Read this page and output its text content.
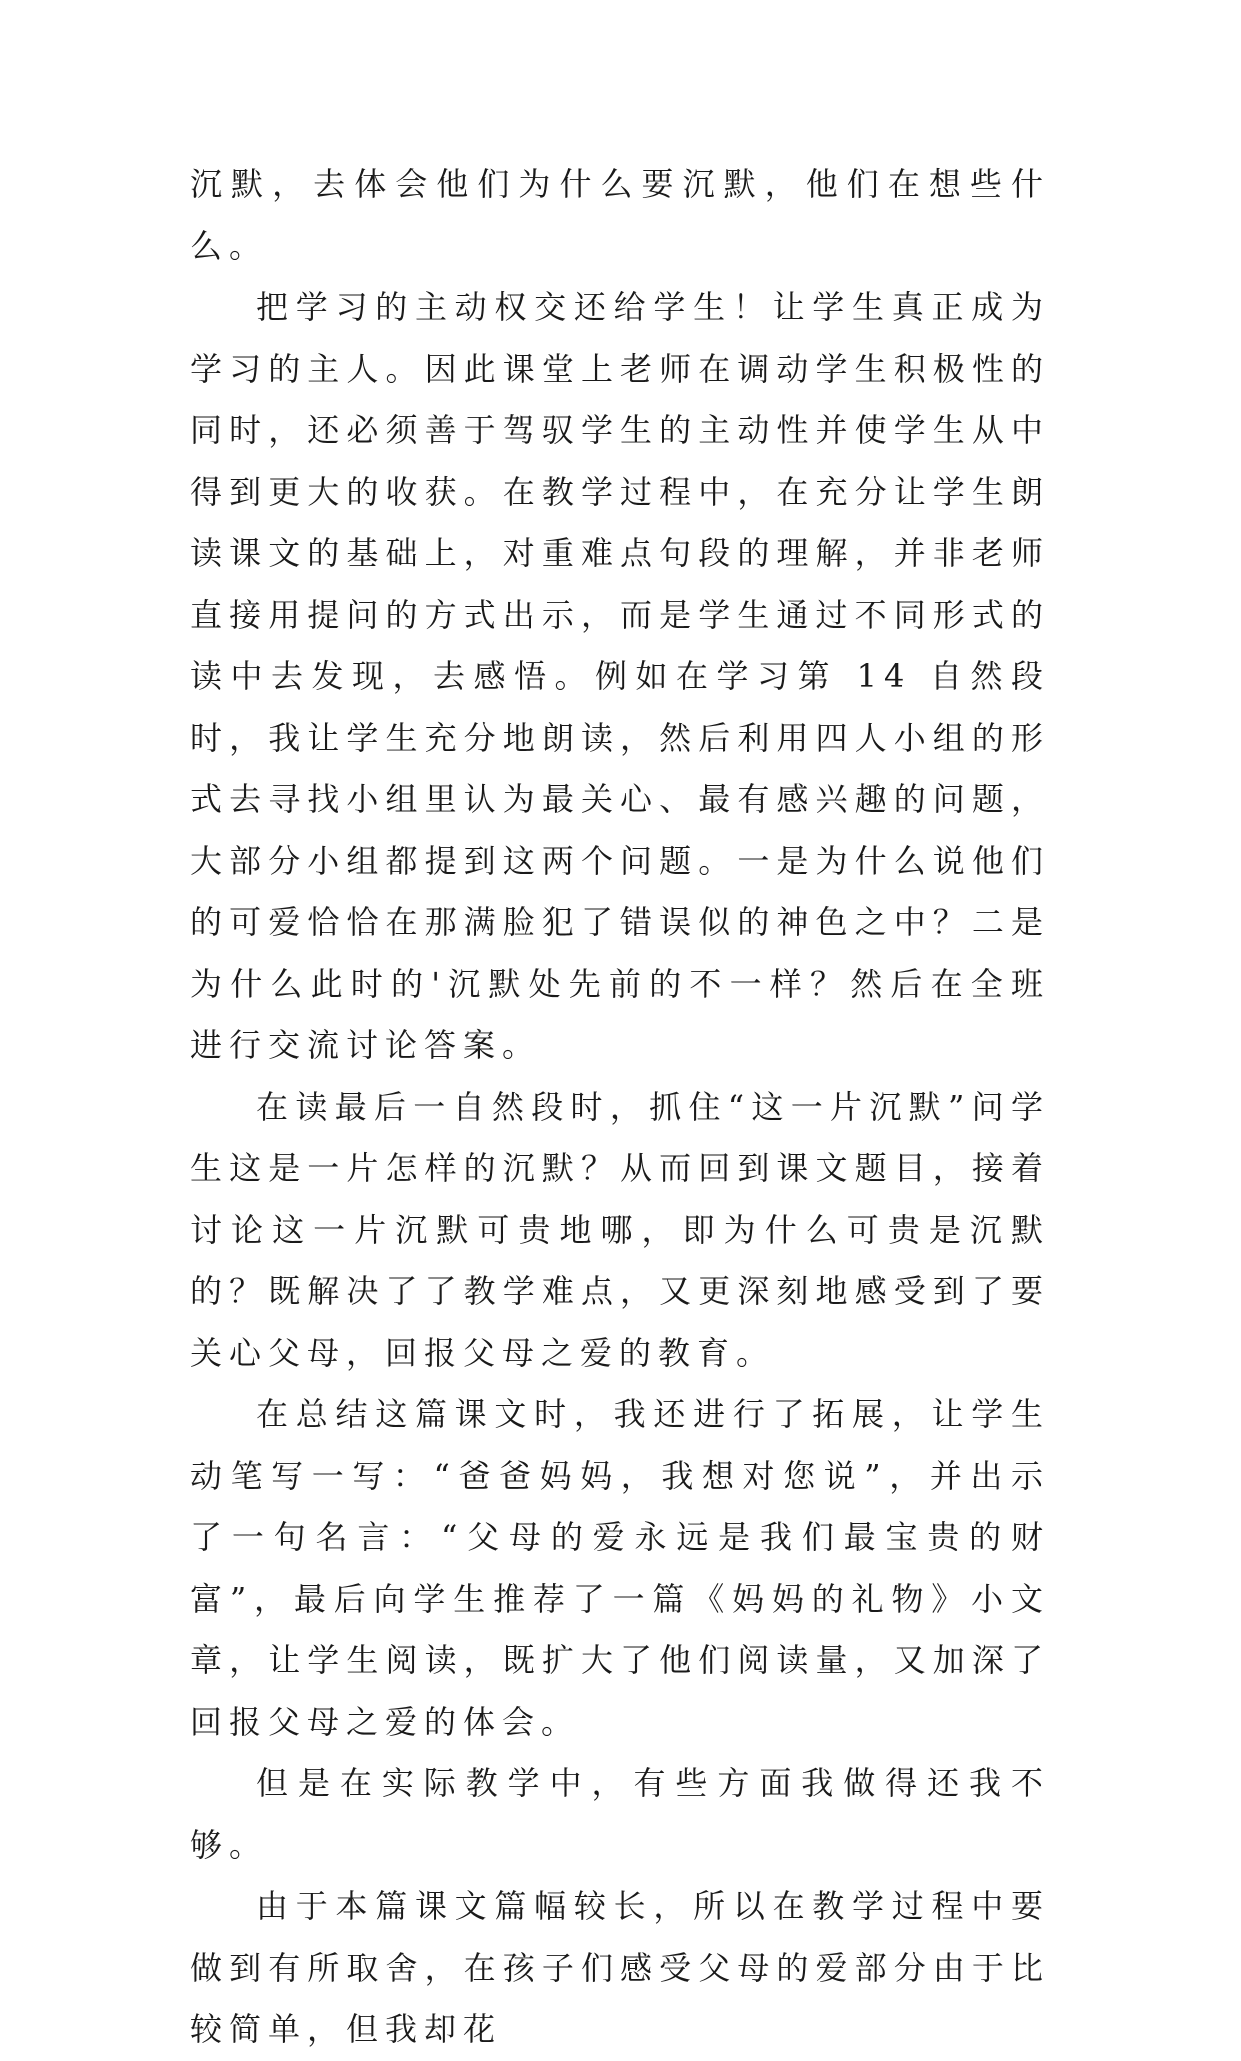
沉默，去体会他们为什么要沉默，他们在想些什么。

把学习的主动权交还给学生！让学生真正成为学习的主人。因此课堂上老师在调动学生积极性的同时，还必须善于驾驭学生的主动性并使学生从中得到更大的收获。在教学过程中，在充分让学生朗读课文的基础上，对重难点句段的理解，并非老师直接用提问的方式出示，而是学生通过不同形式的读中去发现，去感悟。例如在学习第 14 自然段时，我让学生充分地朗读，然后利用四人小组的形式去寻找小组里认为最关心、最有感兴趣的问题，大部分小组都提到这两个问题。一是为什么说他们的可爱恰恰在那满脸犯了错误似的神色之中？二是为什么此时的'沉默处先前的不一样？然后在全班进行交流讨论答案。

在读最后一自然段时，抓住“这一片沉默”问学生这是一片怎样的沉默？从而回到课文题目，接着讨论这一片沉默可贵地哪，即为什么可贵是沉默的？既解决了了教学难点，又更深刻地感受到了要关心父母，回报父母之爱的教育。

在总结这篇课文时，我还进行了拓展，让学生动笔写一写：“爸爸妈妈，我想对您说”，并出示了一句名言：“父母的爱永远是我们最宝贵的财富”，最后向学生推荐了一篇《妈妈的礼物》小文章，让学生阅读，既扩大了他们阅读量，又加深了回报父母之爱的体会。

但是在实际教学中，有些方面我做得还我不够。

由于本篇课文篇幅较长，所以在教学过程中要做到有所取舍，在孩子们感受父母的爱部分由于比较简单，但我却花
